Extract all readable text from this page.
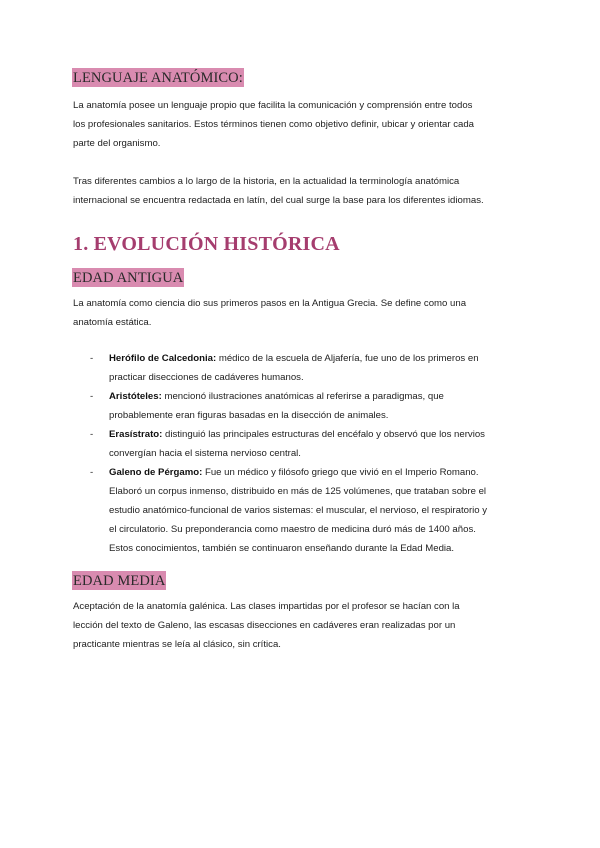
LENGUAJE ANATÓMICO:

La anatomía posee un lenguaje propio que facilita la comunicación y comprensión entre todos
los profesionales sanitarios. Estos términos tienen como objetivo definir, ubicar y orientar cada
parte del organismo.

Tras diferentes cambios a lo largo de la historia, en la actualidad la terminología anatómica
internacional se encuentra redactada en latín, del cual surge la base para los diferentes idiomas.

1. EVOLUCIÓN HISTÓRICA
EDAD ANTIGUA

La anatomía como ciencia dio sus primeros pasos en la Antigua Grecia. Se define como una
anatomía estática.

- Herófilo de Calcedonia: médico de la escuela de Aljafería, fue uno de los primeros en
practicar disecciones de cadáveres humanos.
- Aristóteles: mencionó ilustraciones anatómicas al referirse a paradigmas, que
probablemente eran figuras basadas en la disección de animales.
- Erasístrato: distinguió las principales estructuras del encéfalo y observó que los nervios
convergían hacia el sistema nervioso central.
- Galeno de Pérgamo: Fue un médico y filósofo griego que vivió en el Imperio Romano.
Elaboró un corpus inmenso, distribuido en más de 125 volúmenes, que trataban sobre el
estudio anatómico-funcional de varios sistemas: el muscular, el nervioso, el respiratorio y
el circulatorio. Su preponderancia como maestro de medicina duró más de 1400 años.
Estos conocimientos, también se continuaron enseñando durante la Edad Media.
EDAD MEDIA

Aceptación de la anatomía galénica. Las clases impartidas por el profesor se hacían con la
lección del texto de Galeno, las escasas disecciones en cadáveres eran realizadas por un
practicante mientras se leía al clásico, sin crítica.
